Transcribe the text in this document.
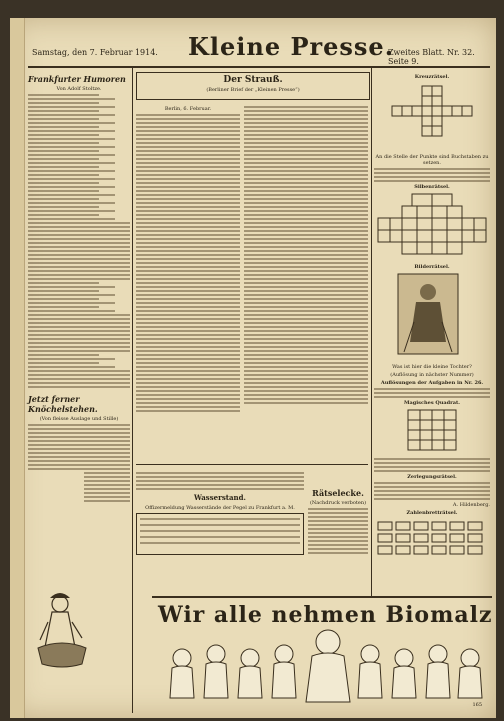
Samstag, den 7. Februar 1914. Kleine Presse.
Zweites Blatt. Nr. 32. Seite 9.
Frankfurter Humoren
Von Adolf Stoltze.
Jetzt ferner Knöchelstehen.
(Von fleisse Auslage und Stille)
Der Strauß.
(Berliner Brief der „Kleinen Presse“)
Berlin, 6. Februar.
Wasserstand.
Offizermeldung Wasserstände der Pegel zu Frankfurt a. M.
Rätselecke.
(Nachdruck verboten)
Kreuzrätsel.
An die Stelle der Punkte sind Buchstaben zu setzen.
Silbenrätsel.
Bilderrätsel.
Was ist hier die kleine Tochter?
(Auflösung in nächster Nummer)
Auflösungen der Aufgaben in Nr. 26.
Magisches Quadrat.
Zerlegungsrätsel.
A. Hildenberg.
Zahlenbretträtsel.
Wir alle nehmen Biomalz
165
